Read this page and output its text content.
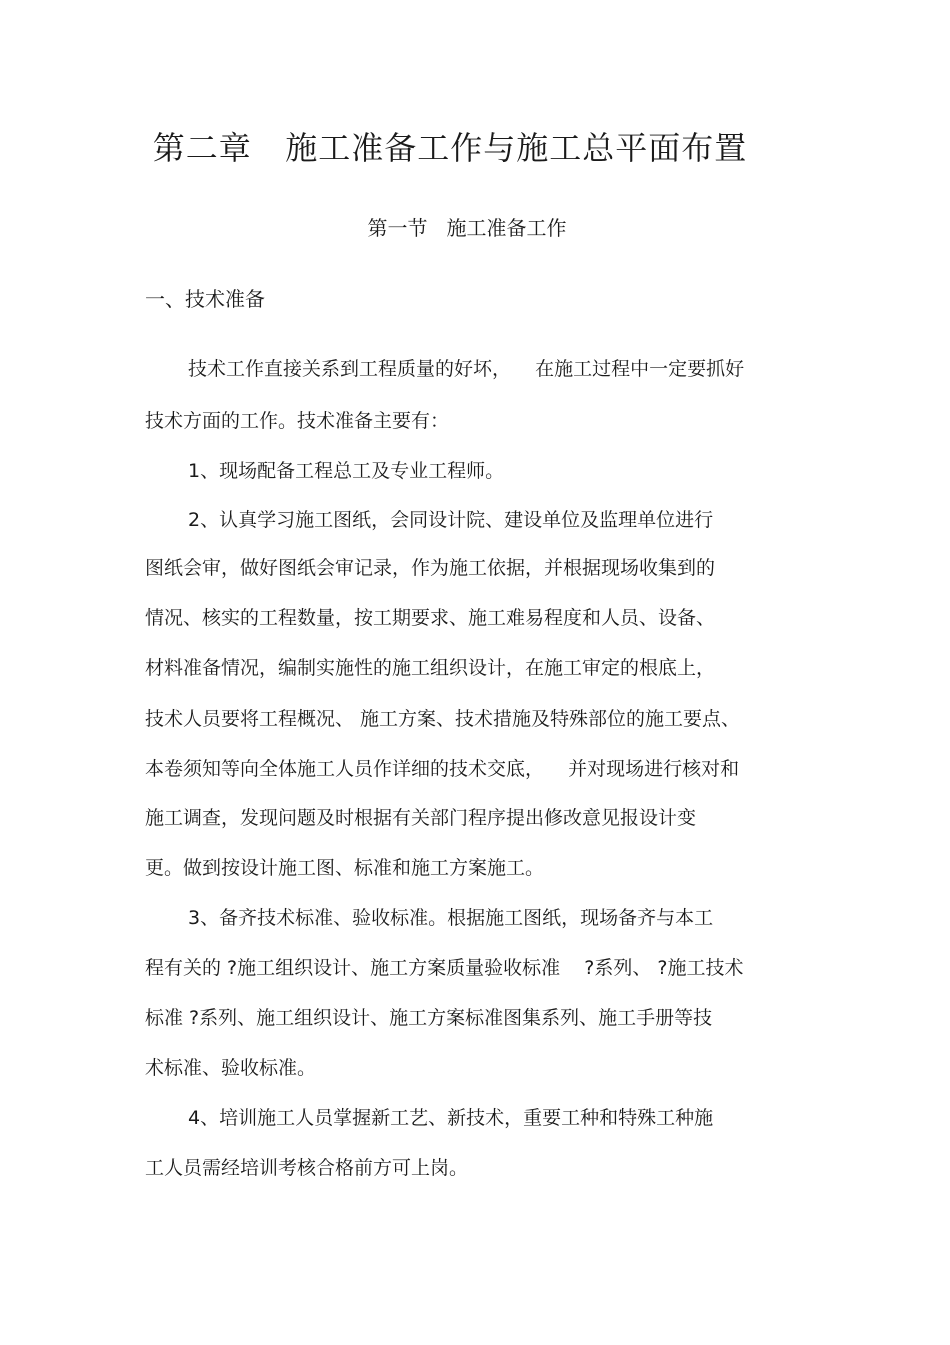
第二章   施工准备工作与施工总平面布置
第一节   施工准备工作
一、技术准备
技术工作直接关系到工程质量的好坏，    在施工过程中一定要抓好
技术方面的工作。技术准备主要有：
1、现场配备工程总工及专业工程师。
2、认真学习施工图纸，会同设计院、建设单位及监理单位进行
图纸会审，做好图纸会审记录，作为施工依据，并根据现场收集到的
情况、核实的工程数量，按工期要求、施工难易程度和人员、设备、
材料准备情况，编制实施性的施工组织设计，在施工审定的根底上，
技术人员要将工程概况、 施工方案、技术措施及特殊部位的施工要点、
本卷须知等向全体施工人员作详细的技术交底，    并对现场进行核对和
施工调查，发现问题及时根据有关部门程序提出修改意见报设计变
更。做到按设计施工图、标准和施工方案施工。
3、备齐技术标准、验收标准。根据施工图纸，现场备齐与本工
程有关的 ?施工组织设计、施工方案质量验收标准    ?系列、 ?施工技术
标准 ?系列、施工组织设计、施工方案标准图集系列、施工手册等技
术标准、验收标准。
4、培训施工人员掌握新工艺、新技术，重要工种和特殊工种施
工人员需经培训考核合格前方可上岗。
